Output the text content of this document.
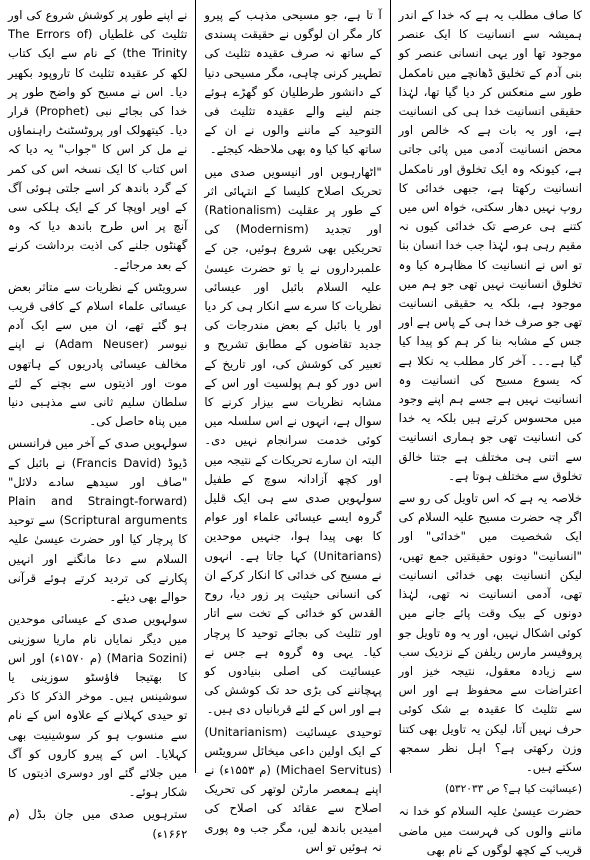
کا صاف مطلب یہ ہے کہ خدا کے اندر ہمیشہ سے انسانیت کا ایک عنصر موجود تھا اور یہی انسانی عنصر کو بنی آدم کے تخلیق ڈھانچے میں نامکمل طور سے منعکس کر دیا گیا تھا، لہٰذا حقیقی انسانیت خدا ہی کی انسانیت ہے، اور یہ بات ہے کہ خالص اور محض انسانیت آدمی میں پائی جاتی ہے، کیونکہ وہ ایک تخلوق اور نامکمل انسانیت رکھتا ہے، جبھی خدائی کا روپ نہیں دھار سکتی، خواہ اس میں کتنے ہی عرصے تک خدائی کیوں نہ مقیم رہی ہو، لہٰذا جب خدا انسان بنا تو اس نے انسانیت کا مظاہرہ کیا وہ تخلوق انسانیت نہیں تھی جو ہم میں موجود ہے، بلکہ یہ حقیقی انسانیت تھی جو صرف خدا ہی کے پاس ہے اور جس کے مشابہ بنا کر ہم کو پیدا کیا گیا ہے۔۔۔ آخر کار مطلب یہ نکلا ہے کہ یسوع مسیح کی انسانیت وہ انسانیت نہیں ہے جسے ہم اپنے وجود میں محسوس کرتے ہیں بلکہ یہ خدا کی انسانیت تھی جو ہماری انسانیت سے اتنی ہی مختلف ہے جتنا خالق تخلوق سے مختلف ہوتا ہے۔

خلاصہ یہ ہے کہ اس تاویل کی رو سے اگر چہ حضرت مسیح علیہ السلام کی ایک شخصیت میں "خدائی" اور "انسانیت" دونوں حقیقتیں جمع تھیں، لیکن انسانیت بھی خدائی انسانیت تھی، آدمی انسانیت نہ تھی، لہٰذا دونوں کے بیک وقت پائے جانے میں کوئی اشکال نہیں، اور یہ وہ تاویل جو پروفیسر مارس ریلفن کے نزدیک سب سے زیادہ معقول، نتیجہ خیز اور اعتراضات سے محفوظ ہے اور اس سے تثلیث کا عقیدہ بے شک کوئی حرف نہیں آتا، لیکن یہ تاویل بھی کتنا وزن رکھتی ہے؟ اہل نظر سمجھ سکتے ہیں۔

(عیسائیت کیا ہے؟ ص ۵۳۲۰۳۳)

حضرت عیسیٰ علیہ السلام کو خدا نہ ماننے والوں کی فہرست میں ماضی قریب کے کچھ لوگوں کے نام بھی

آ تا ہے، جو مسیحی مذہب کے پیرو کار مگر ان لوگوں نے حقیقت پسندی کے ساتھ نہ صرف عقیدہ تثلیث کی تطہیر کرنی چاہی، مگر مسیحی دنیا کے دانشور طرطلیان کو گھڑے ہوئے جنم لینے والے عقیدہ تثلیث فی التوحید کے ماننے والوں نے ان کے ساتھ کیا کیا وہ بھی ملاحظہ کیجئے۔

"اٹھارہویں اور انیسویں صدی میں تحریک اصلاح کلیسا کے انتہائی اثر کے طور پر عقلیت (Rationalism) اور تجدید (Modernism) کی تحریکیں بھی شروع ہوئیں، جن کے علمبرداروں نے یا تو حضرت عیسیٰ علیہ السلام بائبل اور عیسائی نظریات کا سرے سے انکار ہی کر دیا اور یا بائبل کے بعض مندرجات کی جدید تقاضوں کے مطابق تشریح و تعبیر کی کوشش کی، اور تاریخ کے اس دور کو ہم پولسیت اور اس کے مشابہ نظریات سے بیزار کرنے کا سوال ہے، انہوں نے اس سلسلہ میں کوئی خدمت سرانجام نہیں دی۔ البتہ ان سارے تحریکات کے نتیجہ میں اور کچھ آزادانہ سوچ کے طفیل سولہویں صدی سے ہی ایک قلیل گروہ ایسے عیسائی علماء اور عوام کا بھی پیدا ہوا، جنہیں موحدین (Unitarians) کہا جاتا ہے۔ انہوں نے مسیح کی خدائی کا انکار کرکے ان کی انسانی حیثیت پر زور دیا، روح القدس کو خدائی کے تخت سے اتار اور تثلیث کی بجائے توحید کا پرچار کیا۔ یہی وہ گروہ ہے جس نے عیسائیت کی اصلی بنیادوں کو پہچاننے کی بڑی حد تک کوشش کی ہے اور اس کے لئے قربانیاں دی ہیں۔

توحیدی عیسائیت (Unitarianism) کے ایک اولین داعی میخائل سرویٹس (Michael Servitus) (م ۱۵۵۳ء) نے اپنے ہمعصر مارٹن لوتھر کی تحریک اصلاح سے عقائد کی اصلاح کی امیدیں باندھ لیں، مگر جب وہ پوری نہ ہوئیں تو اس

نے اپنے طور پر کوشش شروع کی اور تثلیث کی غلطیاں (The Errors of the Trinity) کے نام سے ایک کتاب لکھ کر عقیدہ تثلیث کا تاروپود بکھیر دیا۔ اس نے مسیح کو واضح طور پر خدا کی بجائے نبی (Prophet) قرار دیا۔ کیتھولک اور پروٹسٹنٹ راہنماؤں نے مل کر اس کا "جواب" یہ دیا کہ اس کتاب کا ایک نسخہ اس کی کمر کے گرد باندھ کر اسے جلتی ہوئی آگ کے اوپر اوپچا کر کے ایک ہلکی سی آنچ پر اس طرح باندھ دیا کہ وہ گھنٹوں جلنے کی اذیت برداشت کرنے کے بعد مرجائے۔

سرویٹس کے نظریات سے متاثر بعض عیسائی علماء اسلام کے کافی قریب ہو گئے تھے، ان میں سے ایک آدم نیوسر (Adam Neuser) نے اپنے مخالف عیسائی پادریوں کے ہاتھوں موت اور اذیتوں سے بچنے کے لئے سلطان سلیم ثانی سے مذہبی دنیا میں پناہ حاصل کی۔

سولہویں صدی کے آخر میں فرانسس ڈیوڈ (Francis David) نے بائبل کے "صاف اور سیدھے سادے دلائل" (Plain and Straingt-forward Scriptural arguments) سے توحید کا پرچار کیا اور حضرت عیسیٰ علیہ السلام سے دعا مانگنے اور انہیں پکارنے کی تردید کرتے ہوئے قرآنی حوالے بھی دیئے۔

سولہویں صدی کے عیسائی موحدین میں دیگر نمایاں نام ماریا سوزینی (Maria Sozini) (م ۱۵۷۰ء) اور اس کا بھتیجا فاؤسٹو سوزینی یا سوشینس ہیں۔ موخر الذکر کا ذکر تو حیدی کہلانے کے علاوہ اس کے نام سے منسوب ہو کر سوشینیت بھی کہلایا۔ اس کے پیرو کاروں کو آگ میں جلائے گئے اور دوسری اذیتوں کا شکار ہوئے۔

سترہویں صدی میں جان بڈل (م ۱۶۶۲ء)
